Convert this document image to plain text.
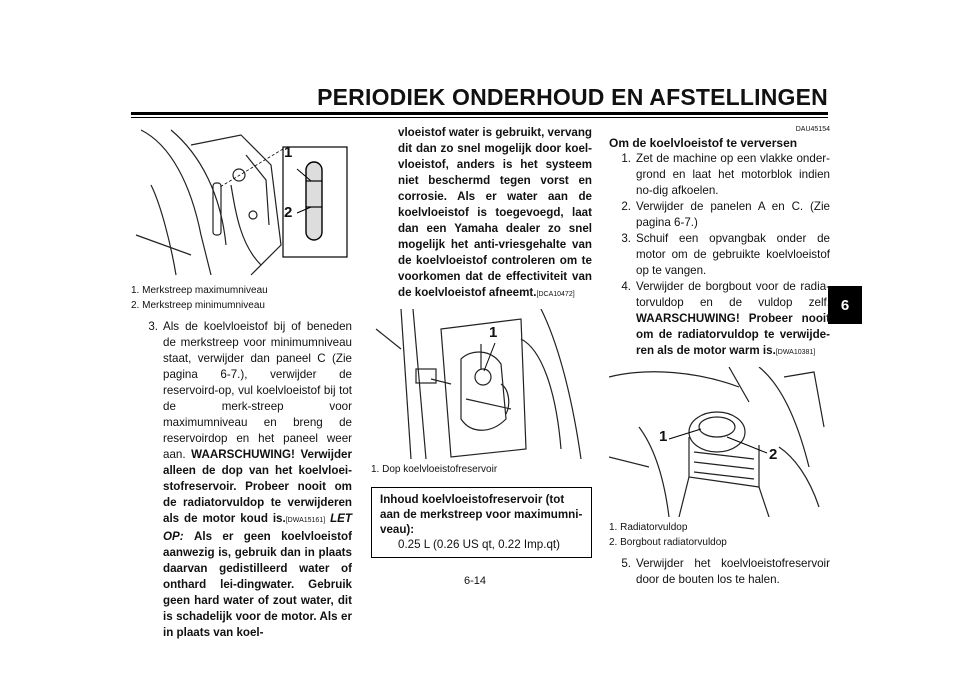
PERIODIEK ONDERHOUD EN AFSTELLINGEN
6
6-14
1
2
1. Merkstreep maximumniveau
2. Merkstreep minimumniveau
3. Als de koelvloeistof bij of beneden de merkstreep voor minimumniveau staat, verwijder dan paneel C (Zie pagina 6-7.), verwijder de reservoird-op, vul koelvloeistof bij tot de merk-streep voor maximumniveau en breng de reservoirdop en het paneel weer aan. WAARSCHUWING! Verwijder alleen de dop van het koelvloei-stofreservoir. Probeer nooit om de radiatorvuldop te verwijderen als de motor koud is.[DWA15161] LET OP: Als er geen koelvloeistof aanwezig is, gebruik dan in plaats daarvan gedistilleerd water of onthard lei-dingwater. Gebruik geen hard water of zout water, dit is schadelijk voor de motor. Als er in plaats van koel-
vloeistof water is gebruikt, vervang dit dan zo snel mogelijk door koel-vloeistof, anders is het systeem niet beschermd tegen vorst en corrosie. Als er water aan de koelvloeistof is toegevoegd, laat dan een Yamaha dealer zo snel mogelijk het anti-vriesgehalte van de koelvloeistof controleren om te voorkomen dat de effectiviteit van de koelvloeistof afneemt.[DCA10472]
1
1. Dop koelvloeistofreservoir
Inhoud koelvloeistofreservoir (tot aan de merkstreep voor maximumni-veau):
0.25 L (0.26 US qt, 0.22 Imp.qt)
DAU45154
Om de koelvloeistof te verversen
1. Zet de machine op een vlakke onder-grond en laat het motorblok indien no-dig afkoelen.
2. Verwijder de panelen A en C. (Zie pagina 6-7.)
3. Schuif een opvangbak onder de motor om de gebruikte koelvloeistof op te vangen.
4. Verwijder de borgbout voor de radia-torvuldop en de vuldop zelf. WAARSCHUWING! Probeer nooit om de radiatorvuldop te verwijde-ren als de motor warm is.[DWA10381]
1
2
1. Radiatorvuldop
2. Borgbout radiatorvuldop
5. Verwijder het koelvloeistofreservoir door de bouten los te halen.
